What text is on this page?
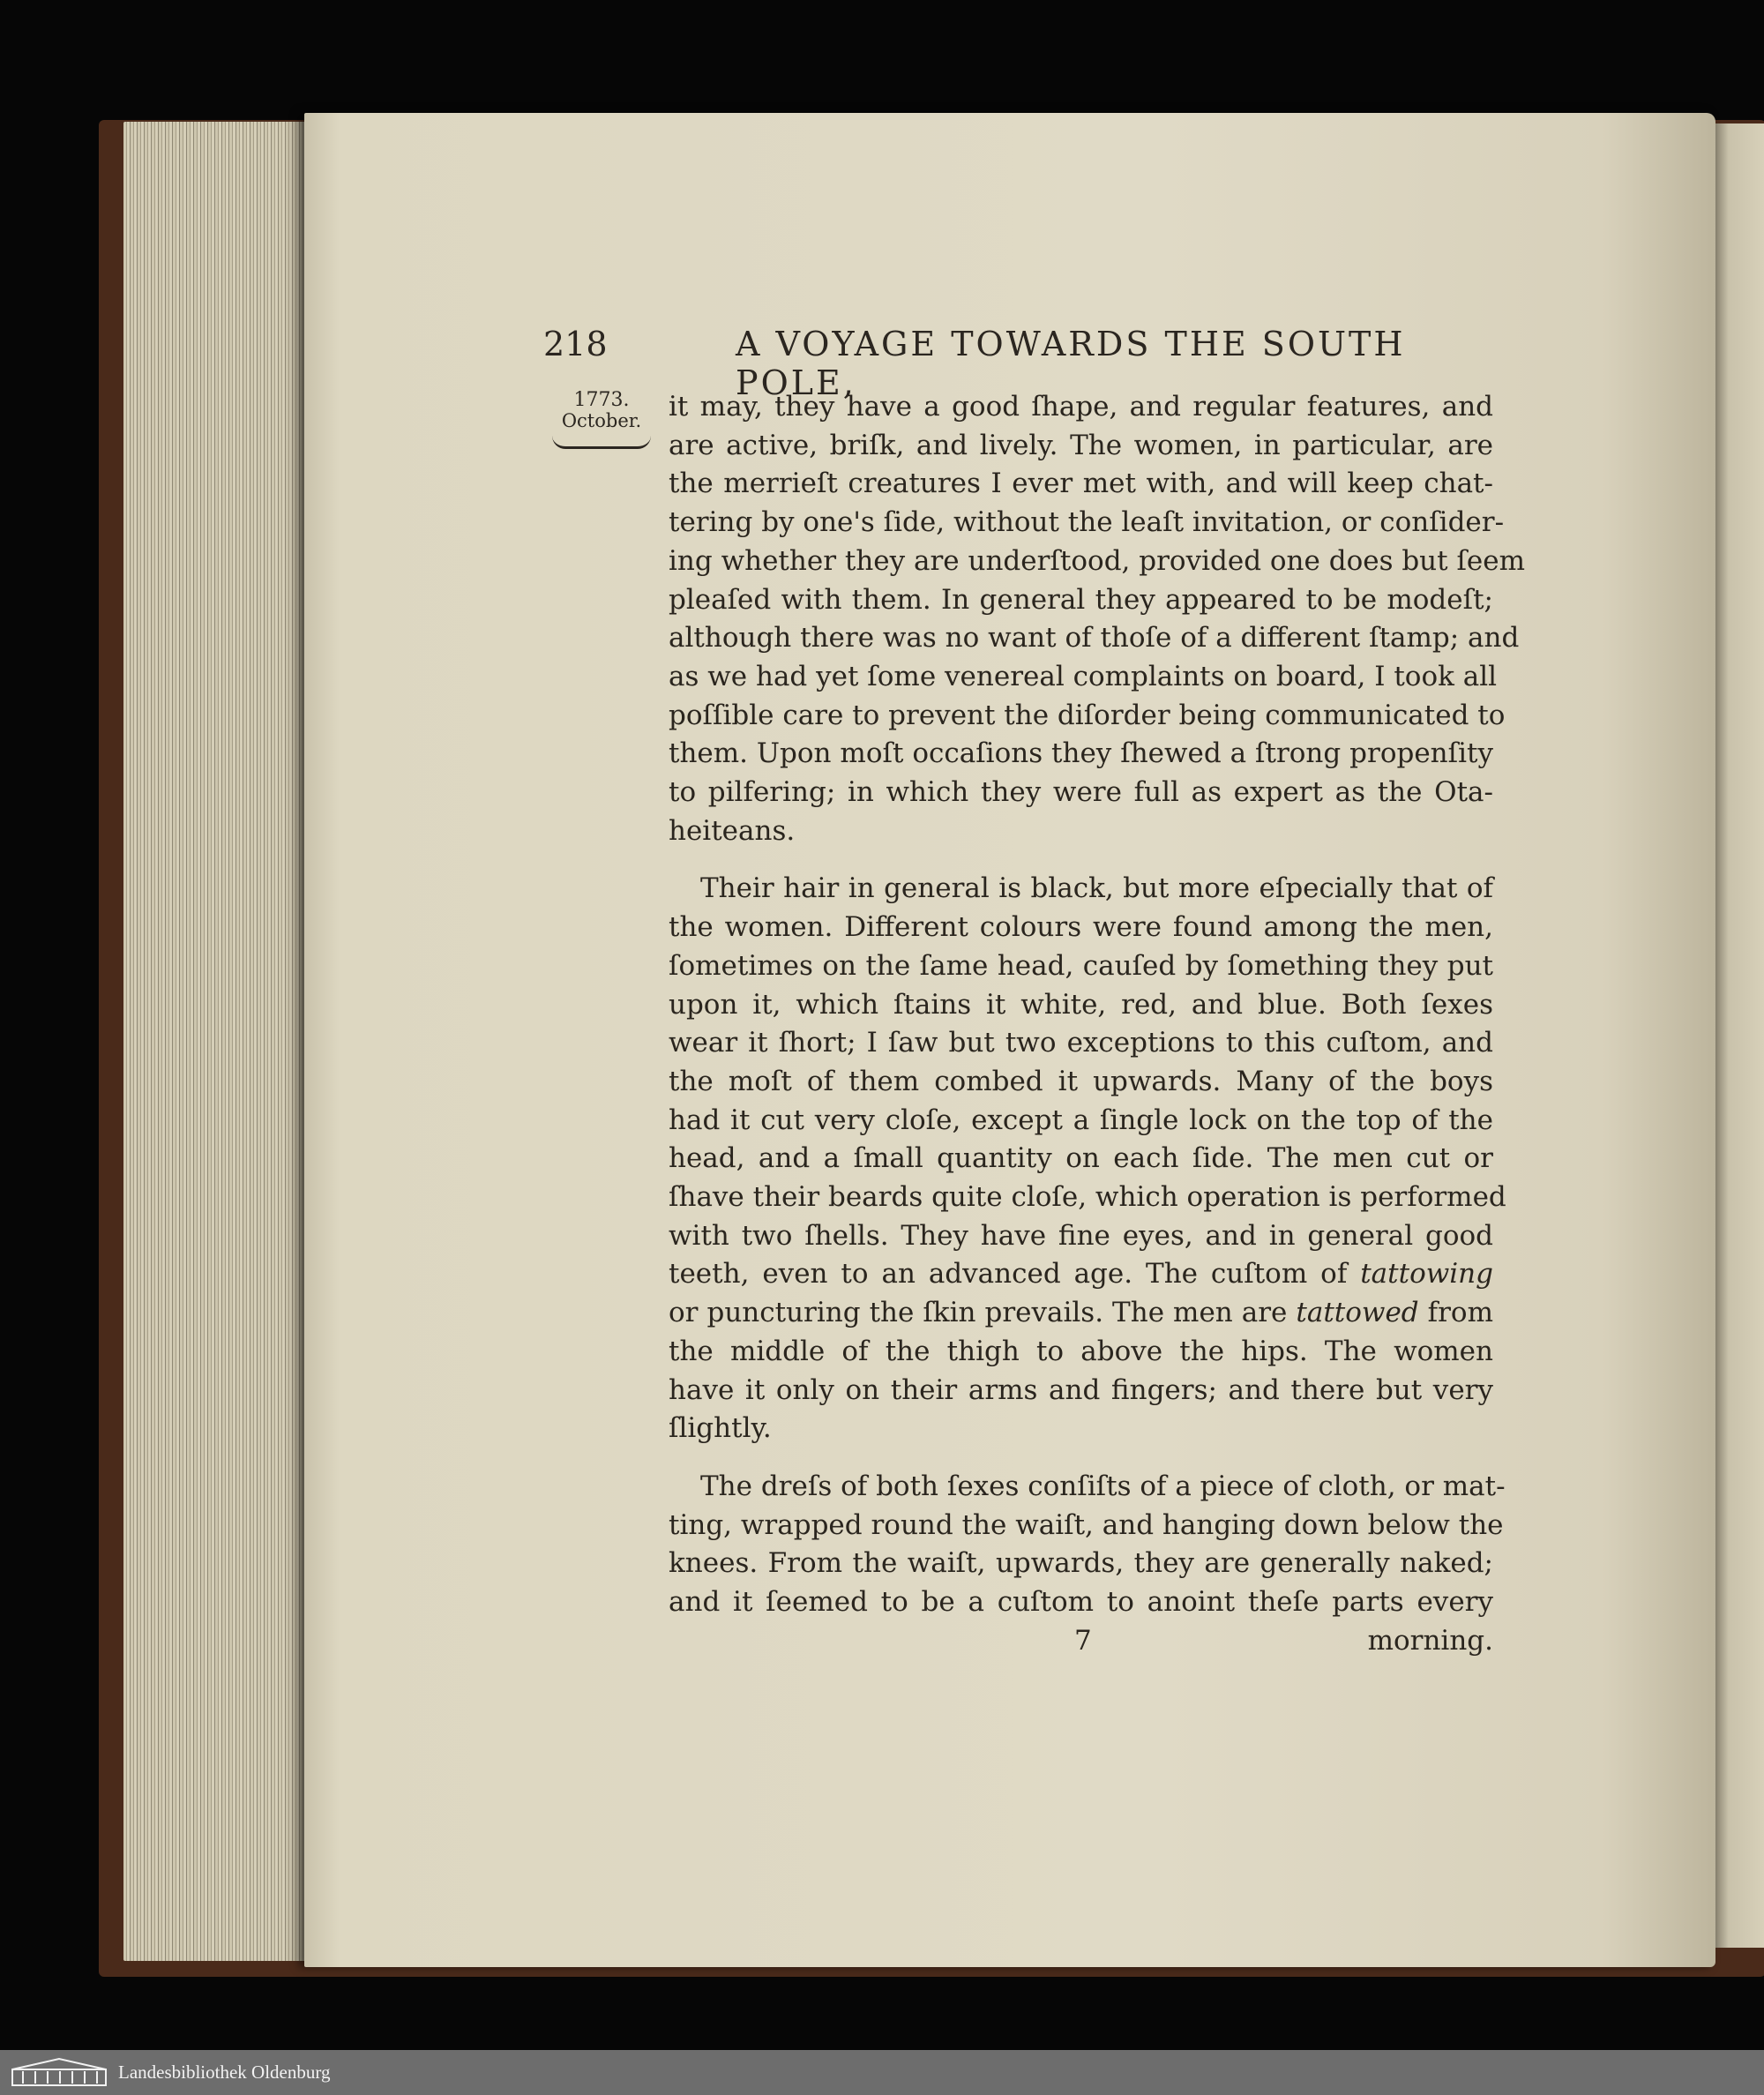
218	A VOYAGE TOWARDS THE SOUTH POLE,
1773.
October. it may, they have a good ſhape, and regular features, and
are active, briſk, and lively. The women, in particular, are
the merrieſt creatures I ever met with, and will keep chat-
tering by one's ſide, without the leaſt invitation, or conſider-
ing whether they are underſtood, provided one does but ſeem
pleaſed with them. In general they appeared to be modeſt;
although there was no want of thoſe of a different ſtamp; and
as we had yet ſome venereal complaints on board, I took all
poſſible care to prevent the diſorder being communicated to
them. Upon moſt occaſions they ſhewed a ſtrong propenſity
to pilfering; in which they were full as expert as the Ota-
heiteans.
Their hair in general is black, but more eſpecially that of
the women. Different colours were found among the men,
ſometimes on the ſame head, cauſed by ſomething they put
upon it, which ſtains it white, red, and blue. Both ſexes
wear it ſhort; I ſaw but two exceptions to this cuſtom, and
the moſt of them combed it upwards. Many of the boys
had it cut very cloſe, except a ſingle lock on the top of the
head, and a ſmall quantity on each ſide. The men cut or
ſhave their beards quite cloſe, which operation is performed
with two ſhells. They have fine eyes, and in general good
teeth, even to an advanced age. The cuſtom of tattowing
or puncturing the ſkin prevails. The men are tattowed from
the middle of the thigh to above the hips. The women
have it only on their arms and fingers; and there but very
ſlightly.
The dreſs of both ſexes conſiſts of a piece of cloth, or mat-
ting, wrapped round the waiſt, and hanging down below the
knees. From the waiſt, upwards, they are generally naked;
and it ſeemed to be a cuſtom to anoint theſe parts every
7	morning.
Landesbibliothek Oldenburg
